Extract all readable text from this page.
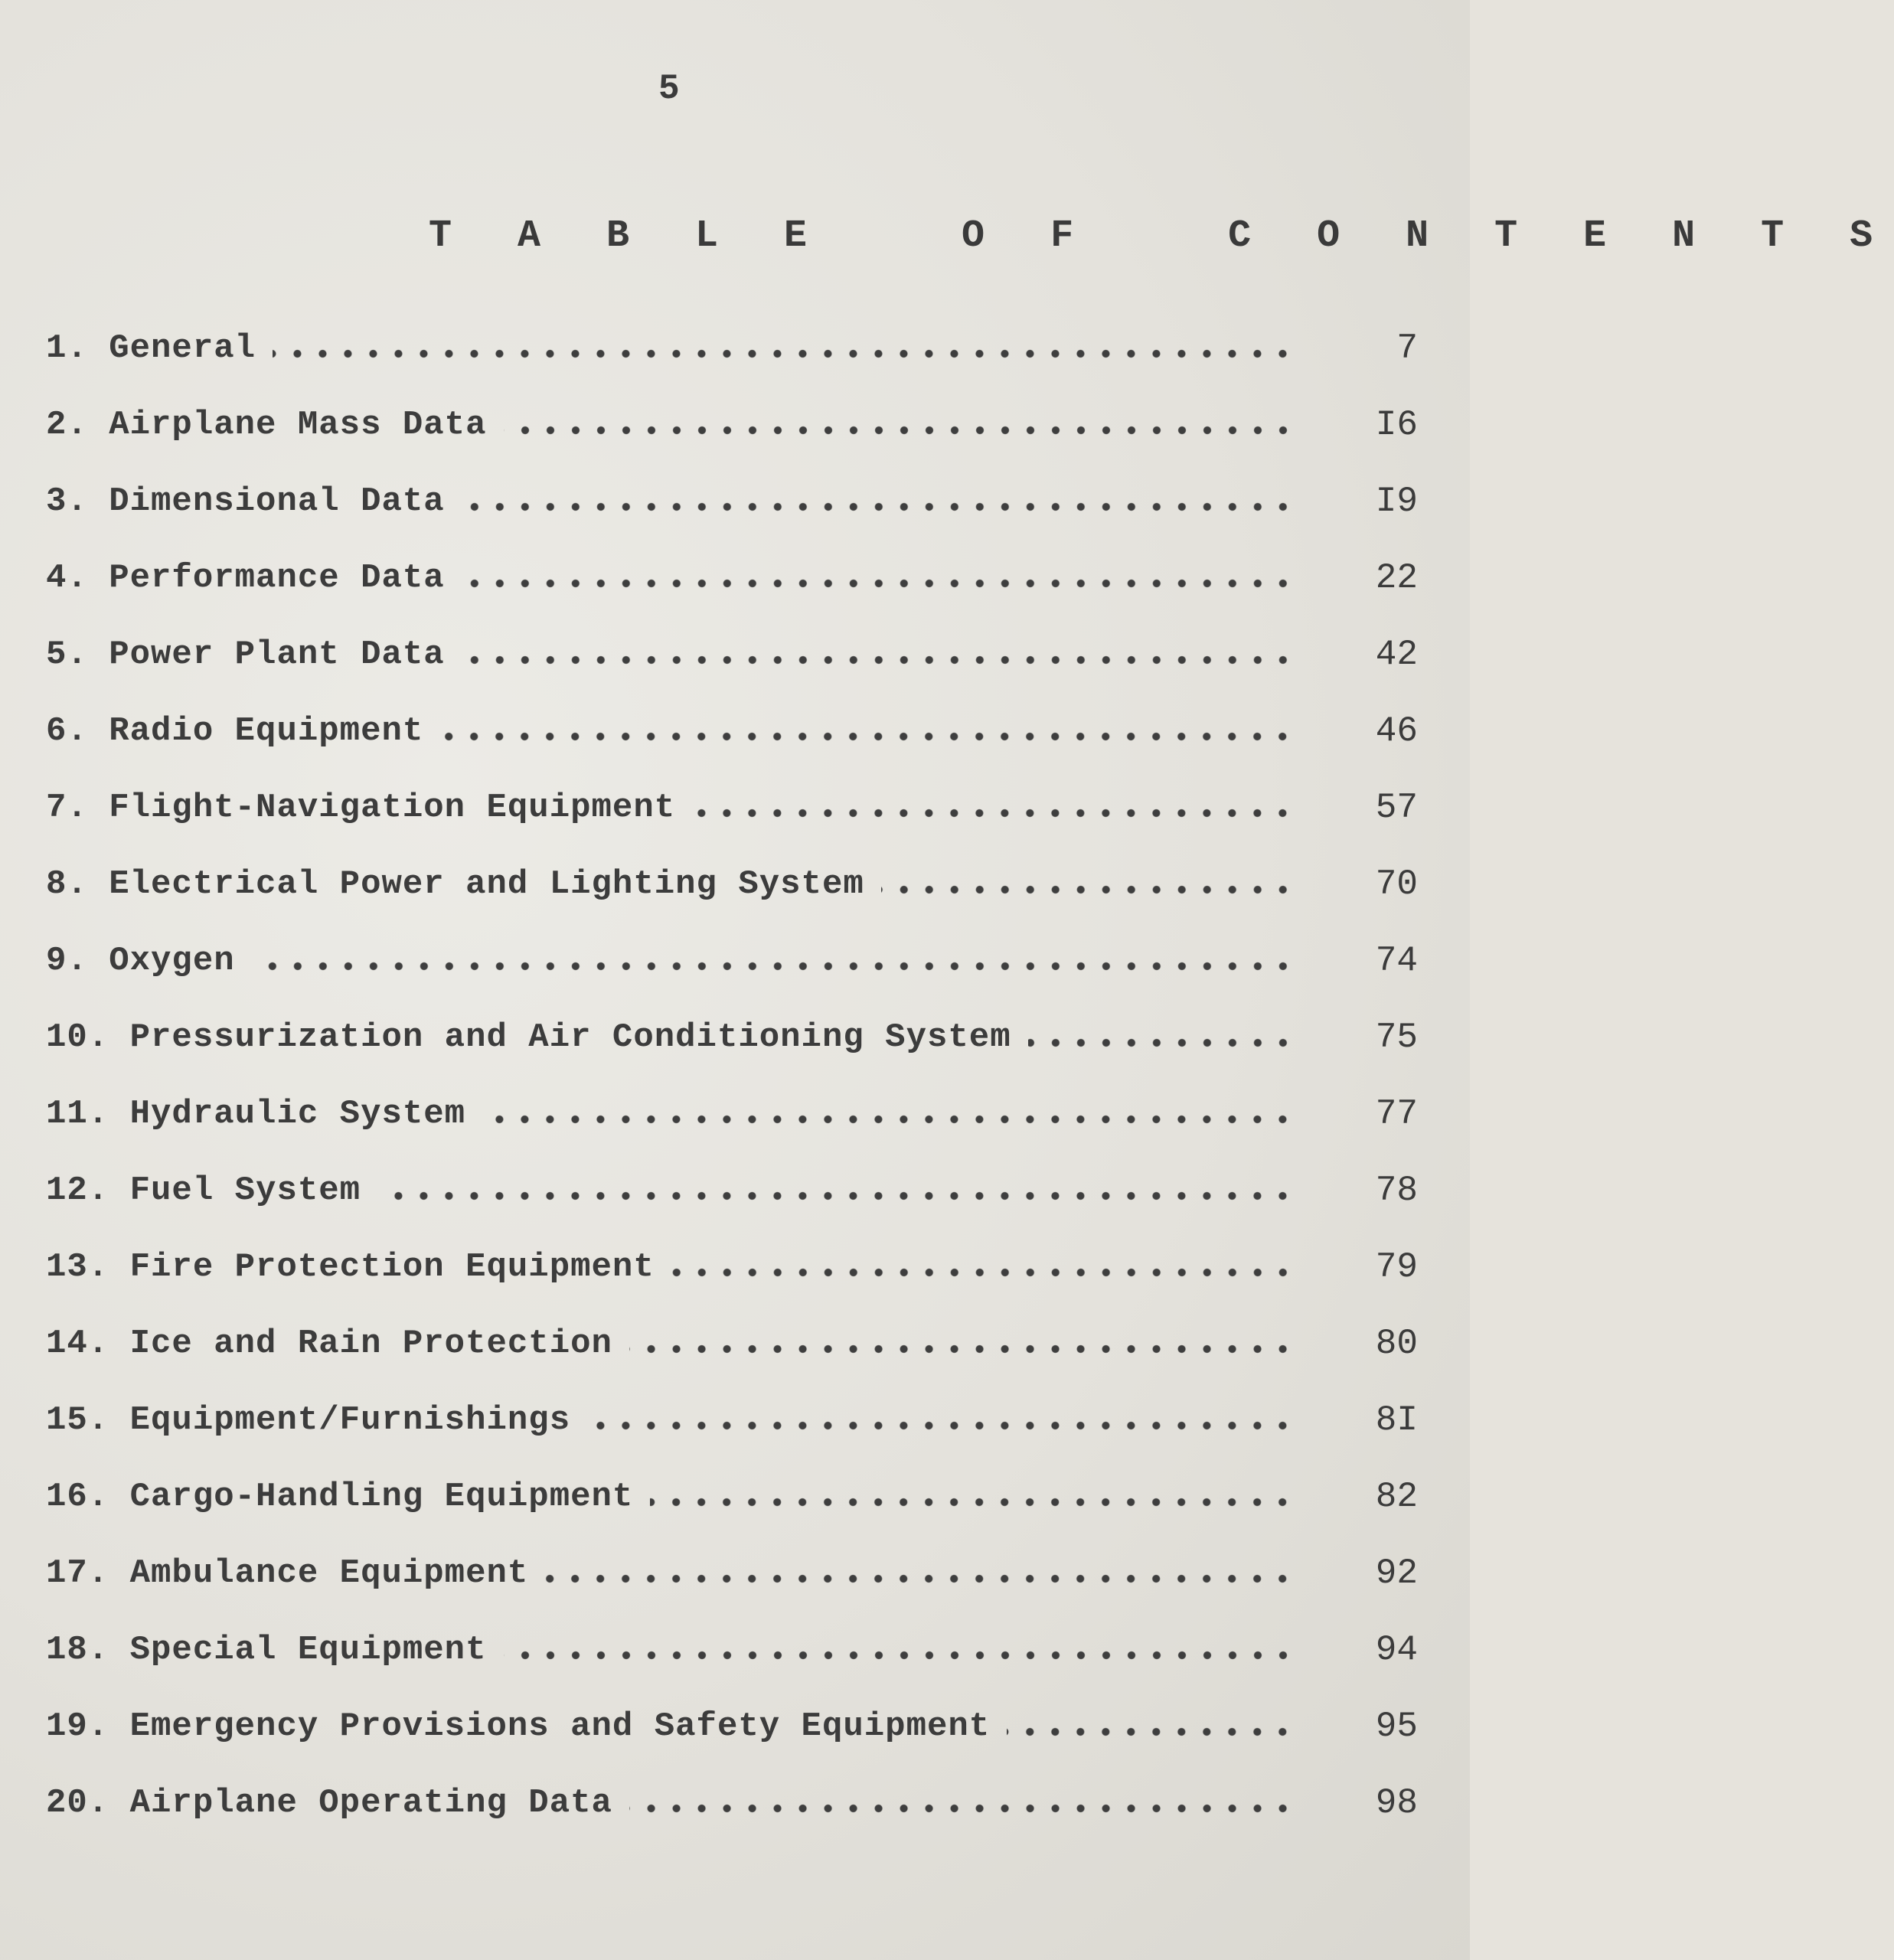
5
T A B L E   O F   C O N T E N T S
1. General	7
2. Airplane Mass Data	I6
3. Dimensional Data	I9
4. Performance Data	22
5. Power Plant Data	42
6. Radio Equipment	46
7. Flight-Navigation Equipment	57
8. Electrical Power and Lighting System	70
9. Oxygen	74
10. Pressurization and Air Conditioning System	75
11. Hydraulic System	77
12. Fuel System	78
13. Fire Protection Equipment	79
14. Ice and Rain Protection	80
15. Equipment/Furnishings	8I
16. Cargo-Handling Equipment	82
17. Ambulance Equipment	92
18. Special Equipment	94
19. Emergency Provisions and Safety Equipment	95
20. Airplane Operating Data	98
